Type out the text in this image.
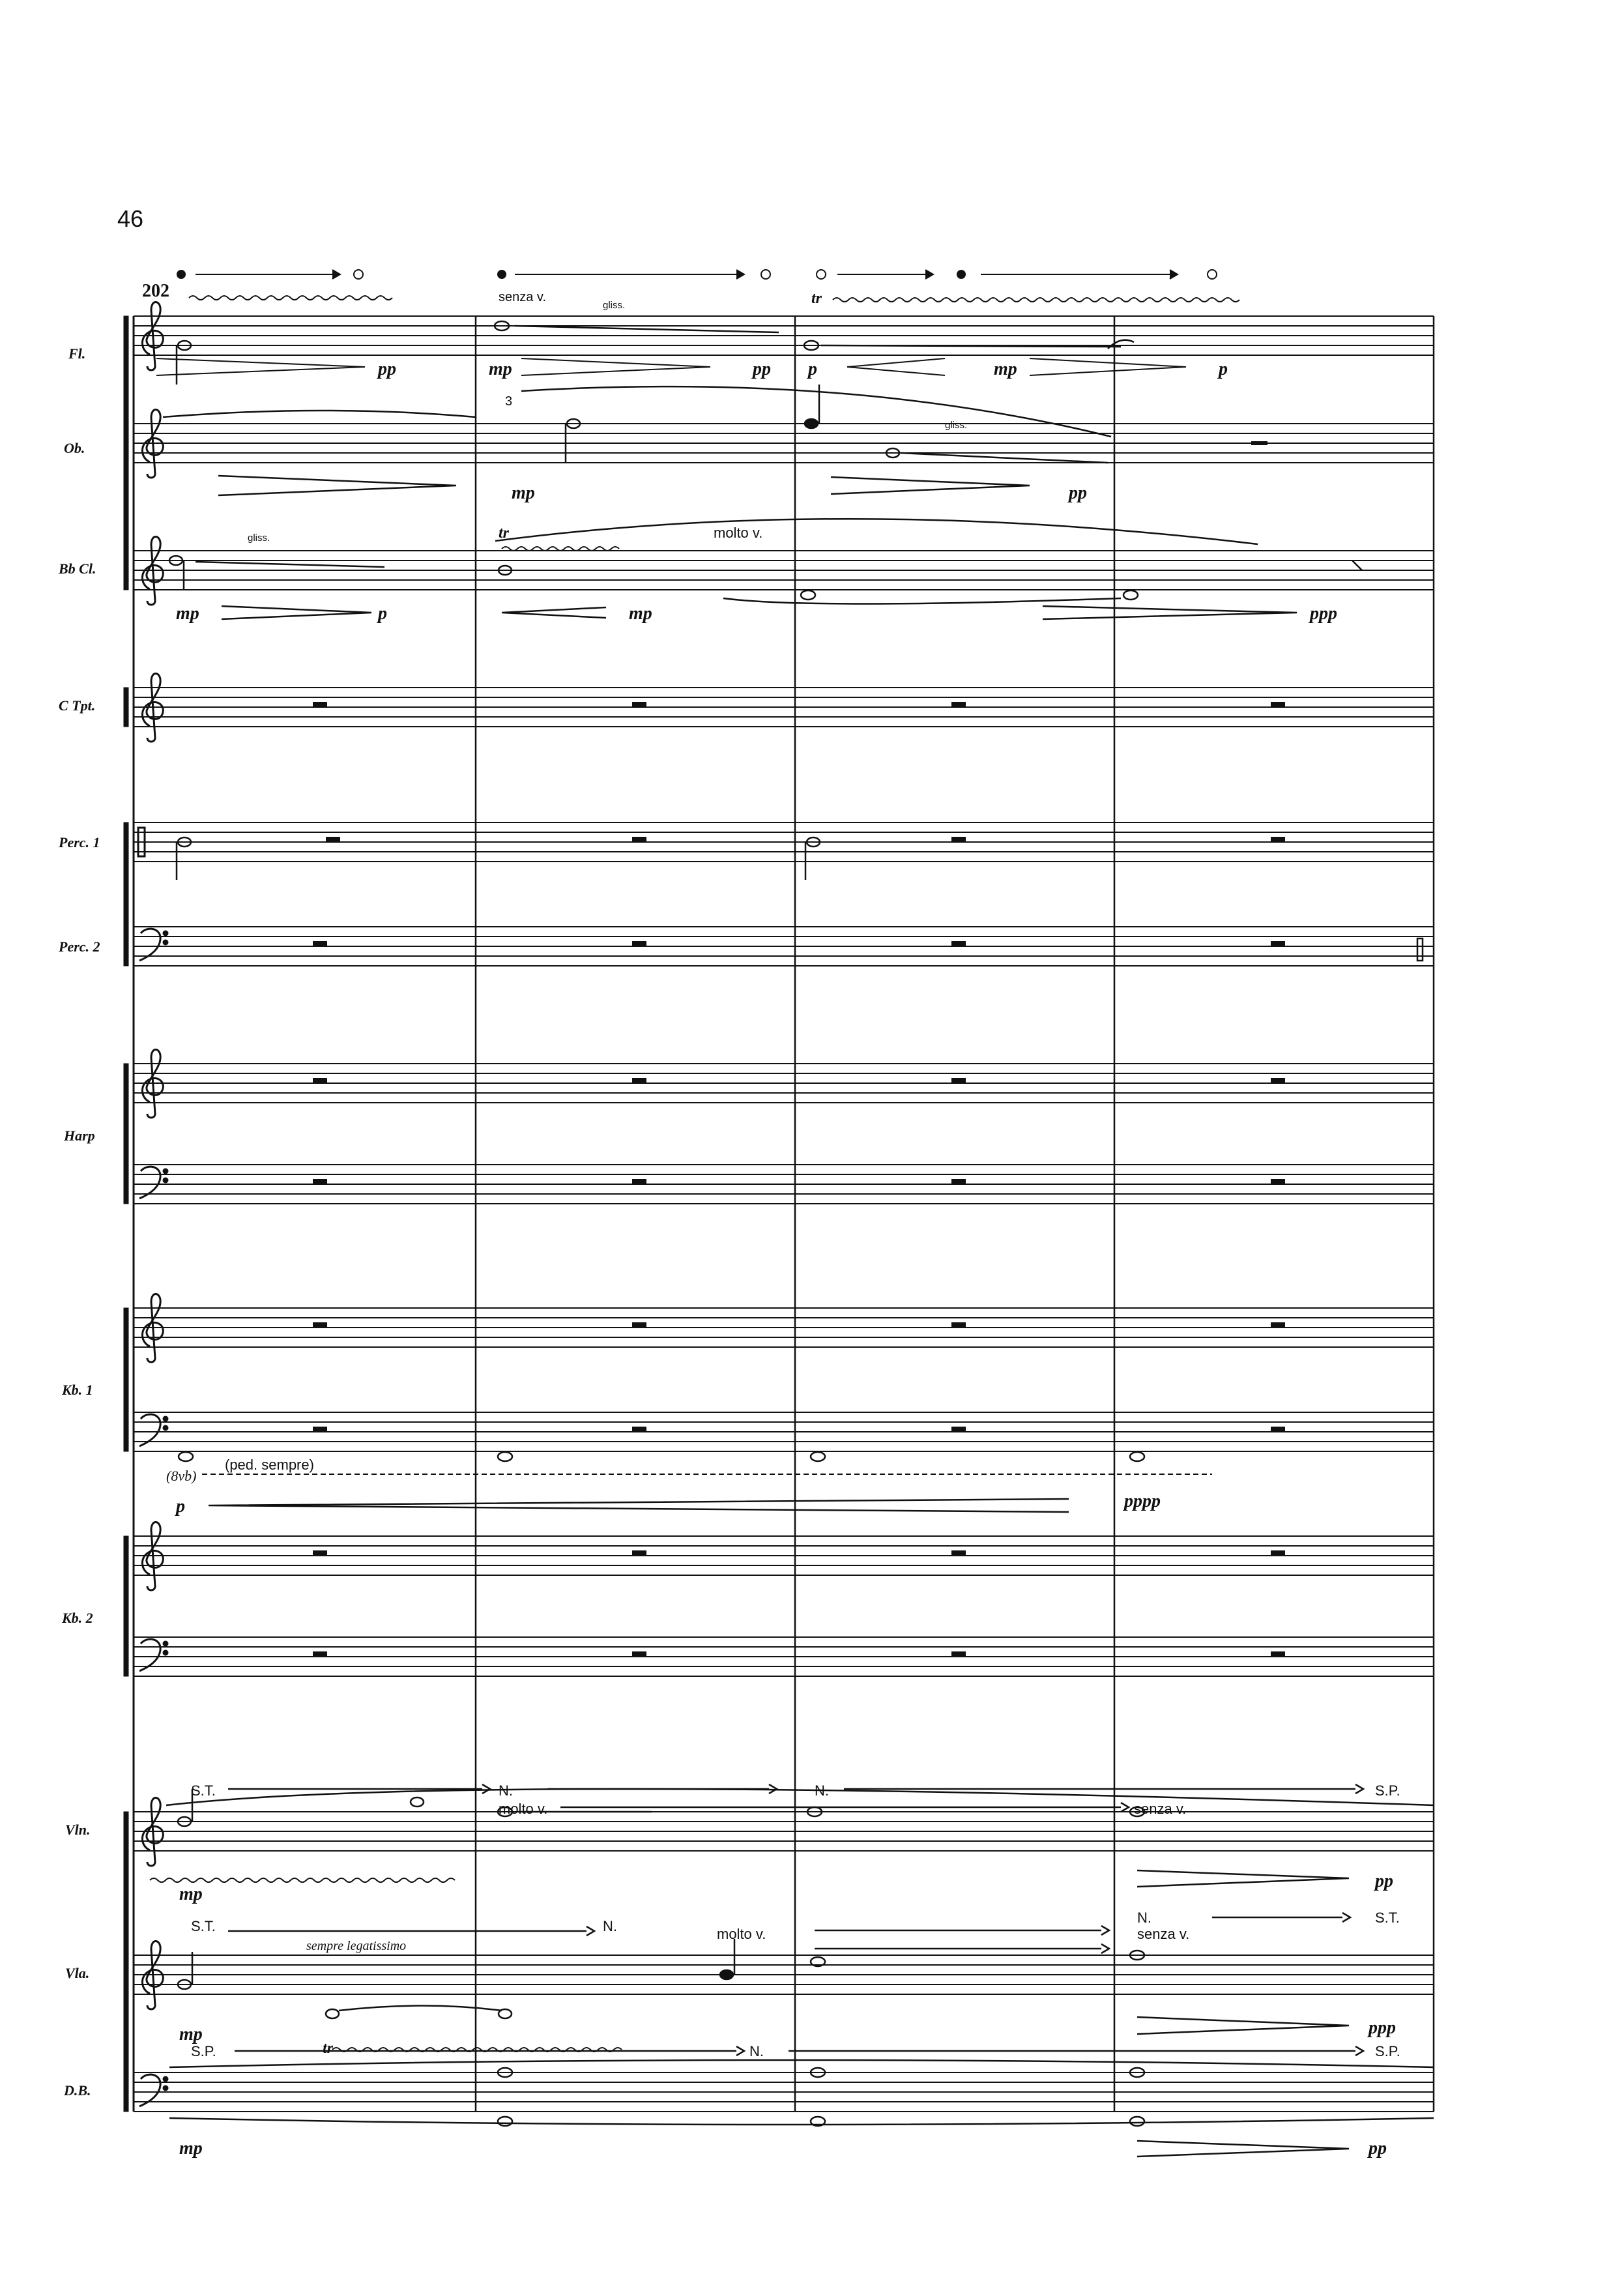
46
Fl.
Ob.
Bb Cl.
C Tpt.
Perc. 1
Perc. 2
Harp
Kb. 1
Kb. 2
Vln.
Vla.
D.B.
202	senza v.
gliss.	tr
pp	mp	pp p	mp	p
3
gliss.
mp	pp
gliss.	tr	molto v.
mp	p	mp	ppp
(ped. sempre)
(8vb)
p	pppp
S.T.	N.
molto v.
N.
senza v.
S.P.
mp
pp
S.T.	N.
sempre legatissimo
molto v.
N.
senza v.
S.T.
tr
mp	ppp
S.P.	N.	S.P.
mp	pp
